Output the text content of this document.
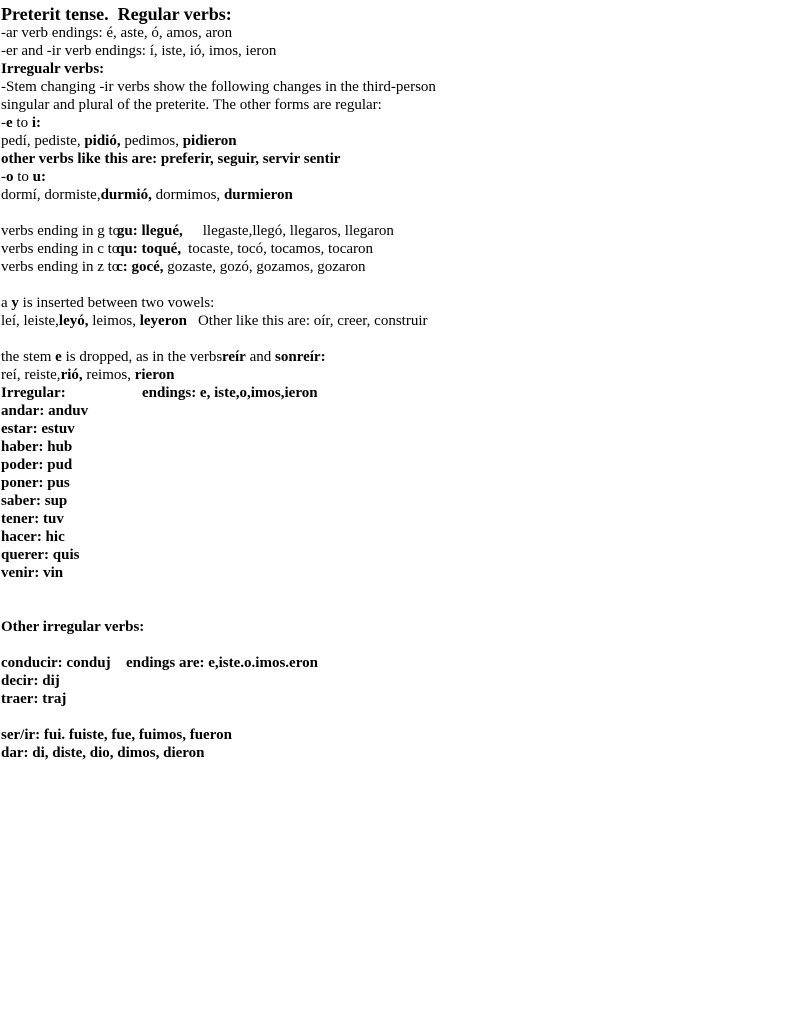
Preterit tense.  Regular verbs:
-ar verb endings: é, aste, ó, amos, aron
-er and -ir verb endings: í, iste, ió, imos, ieron
Irregualr verbs:
-Stem changing -ir verbs show the following changes in the third-person
singular and plural of the preterite. The other forms are regular:
-e to i:
pedí, pediste, pidió, pedimos, pidieron
other verbs like this are: preferir, seguir, servir sentir
-o to u:
dormí, dormiste,durmió, dormimos, durmieron
verbs ending in g to gu: llegué, llegaste,llegó, llegaros, llegaron
verbs ending in c to qu: toqué, tocaste, tocó, tocamos, tocaron
verbs ending in z to c: gocé, gozaste, gozó, gozamos, gozaron
a y is inserted between two vowels:
leí, leiste,leyó, leimos, leyeron Other like this are: oír, creer, construir
the stem e is dropped, as in the verbs reír and sonreír:
reí, reiste,rió, reimos, rieron
Irregular:	endings: e, iste,o,imos,ieron
andar: anduv
estar: estuv
haber: hub
poder: pud
poner: pus
saber: sup
tener: tuv
hacer: hic
querer: quis
venir: vin
Other irregular verbs:
conducir: conduj endings are: e,iste.o.imos.eron
decir: dij
traer: traj
ser/ir: fui. fuiste, fue, fuimos, fueron
dar: di, diste, dio, dimos, dieron
